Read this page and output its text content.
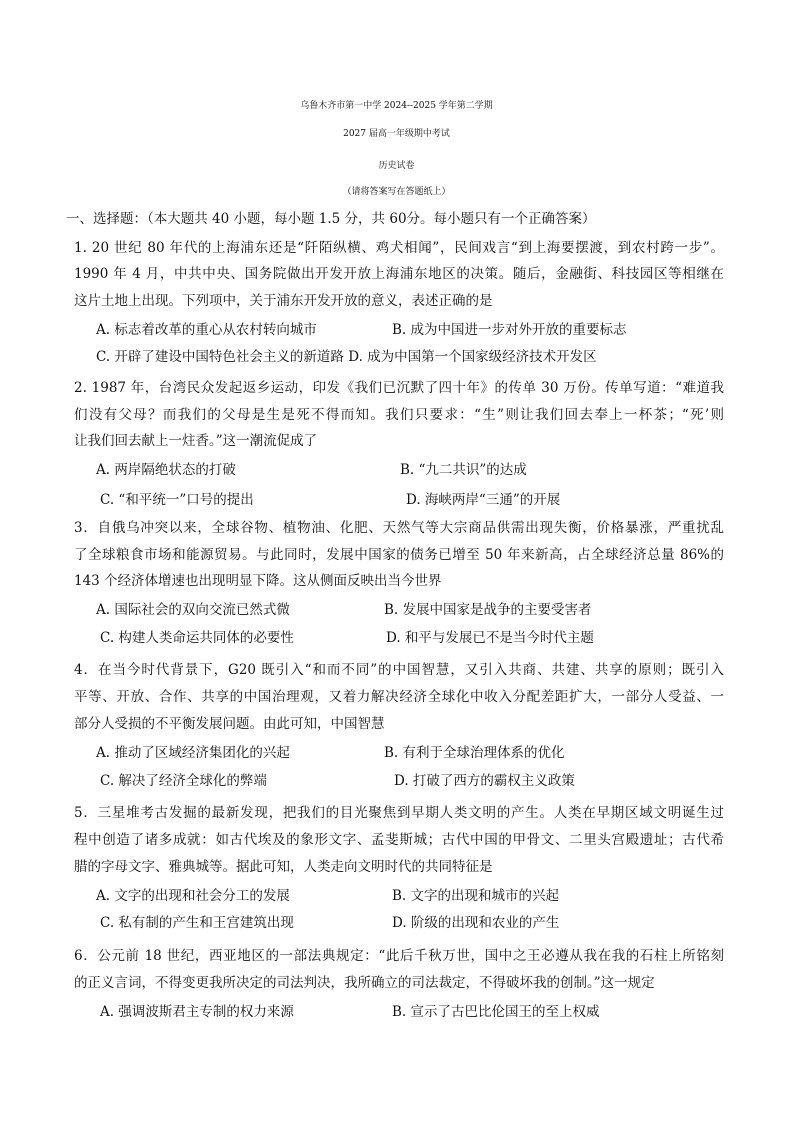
乌鲁木齐市第一中学 2024--2025 学年第二学期
2027 届高一年级期中考试
历史试卷
（请将答案写在答题纸上）
一、选择题：（本大题共 40 小题，每小题 1.5 分，共 60分。每小题只有一个正确答案）
1. 20 世纪 80 年代的上海浦东还是“阡陌纵横、鸡犬相闻”，民间戏言“到上海要摆渡，到农村跨一步”。
1990 年 4 月，中共中央、国务院做出开发开放上海浦东地区的决策。随后，金融街、科技园区等相继在
这片土地上出现。下列项中，关于浦东开发开放的意义，表述正确的是
A. 标志着改革的重心从农村转向城市	B. 成为中国进一步对外开放的重要标志
C. 开辟了建设中国特色社会主义的新道路 D. 成为中国第一个国家级经济技术开发区
2. 1987 年，台湾民众发起返乡运动，印发《我们已沉默了四十年》的传单 30 万份。传单写道：“难道我
们没有父母？而我们的父母是生是死不得而知。我们只要求：“生”则让我们回去奉上一杯茶；“死’则
让我们回去献上一炷香。”这一潮流促成了
A. 两岸隔绝状态的打破	B. “九二共识”的达成
C. “和平统一”口号的提出	D. 海峡两岸“三通”的开展
3．自俄乌冲突以来，全球谷物、植物油、化肥、天然气等大宗商品供需出现失衡，价格暴涨，严重扰乱
了全球粮食市场和能源贸易。与此同时，发展中国家的债务已增至 50 年来新高，占全球经济总量 86%的
143 个经济体增速也出现明显下降。这从侧面反映出当今世界
A. 国际社会的双向交流已然式微	B. 发展中国家是战争的主要受害者
C. 构建人类命运共同体的必要性	D. 和平与发展已不是当今时代主题
4．在当今时代背景下，G20 既引入“和而不同”的中国智慧，又引入共商、共建、共享的原则；既引入
平等、开放、合作、共享的中国治理观，又着力解决经济全球化中收入分配差距扩大，一部分人受益、一
部分人受损的不平衡发展问题。由此可知，中国智慧
A. 推动了区域经济集团化的兴起	B. 有利于全球治理体系的优化
C. 解决了经济全球化的弊端	D. 打破了西方的霸权主义政策
5．三星堆考古发掘的最新发现，把我们的目光聚焦到早期人类文明的产生。人类在早期区域文明诞生过
程中创造了诸多成就：如古代埃及的象形文字、孟斐斯城；古代中国的甲骨文、二里头宫殿遗址；古代希
腊的字母文字、雅典城等。据此可知，人类走向文明时代的共同特征是
A. 文字的出现和社会分工的发展	B. 文字的出现和城市的兴起
C. 私有制的产生和王宫建筑出现	D. 阶级的出现和农业的产生
6．公元前 18 世纪，西亚地区的一部法典规定：“此后千秋万世，国中之王必遵从我在我的石柱上所铭刻
的正义言词，不得变更我所决定的司法判决，我所确立的司法裁定，不得破坏我的创制。”这一规定
A. 强调波斯君主专制的权力来源	B. 宣示了古巴比伦国王的至上权威
